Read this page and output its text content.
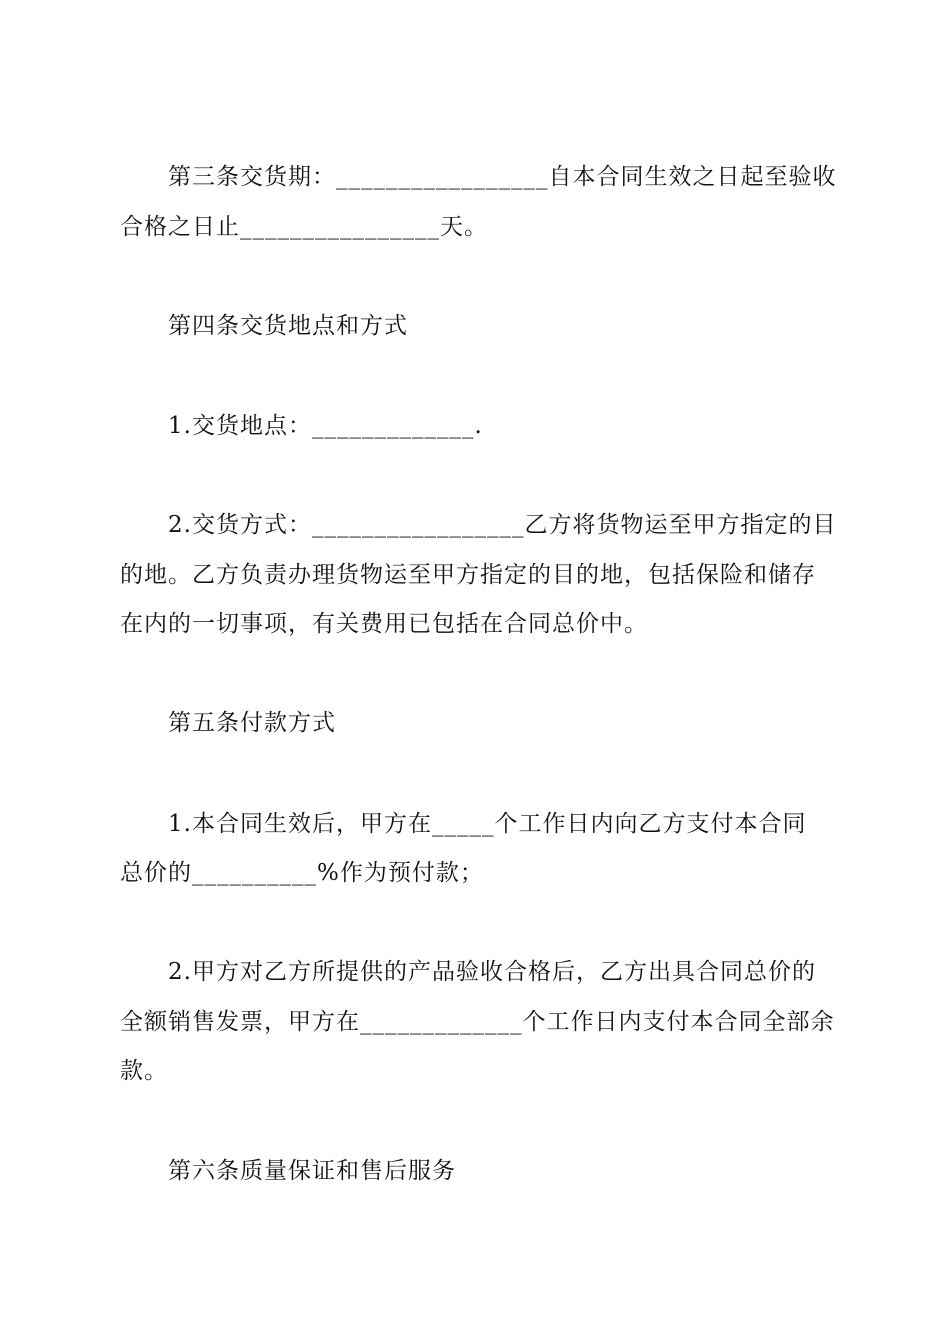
第三条交货期：_________________自本合同生效之日起至验收
合格之日止________________天。
第四条交货地点和方式
1.交货地点：_____________.
2.交货方式：_________________乙方将货物运至甲方指定的目
的地。乙方负责办理货物运至甲方指定的目的地，包括保险和储存
在内的一切事项，有关费用已包括在合同总价中。
第五条付款方式
1.本合同生效后，甲方在_____个工作日内向乙方支付本合同
总价的__________%作为预付款；
2.甲方对乙方所提供的产品验收合格后，乙方出具合同总价的
全额销售发票，甲方在_____________个工作日内支付本合同全部余
款。
第六条质量保证和售后服务
